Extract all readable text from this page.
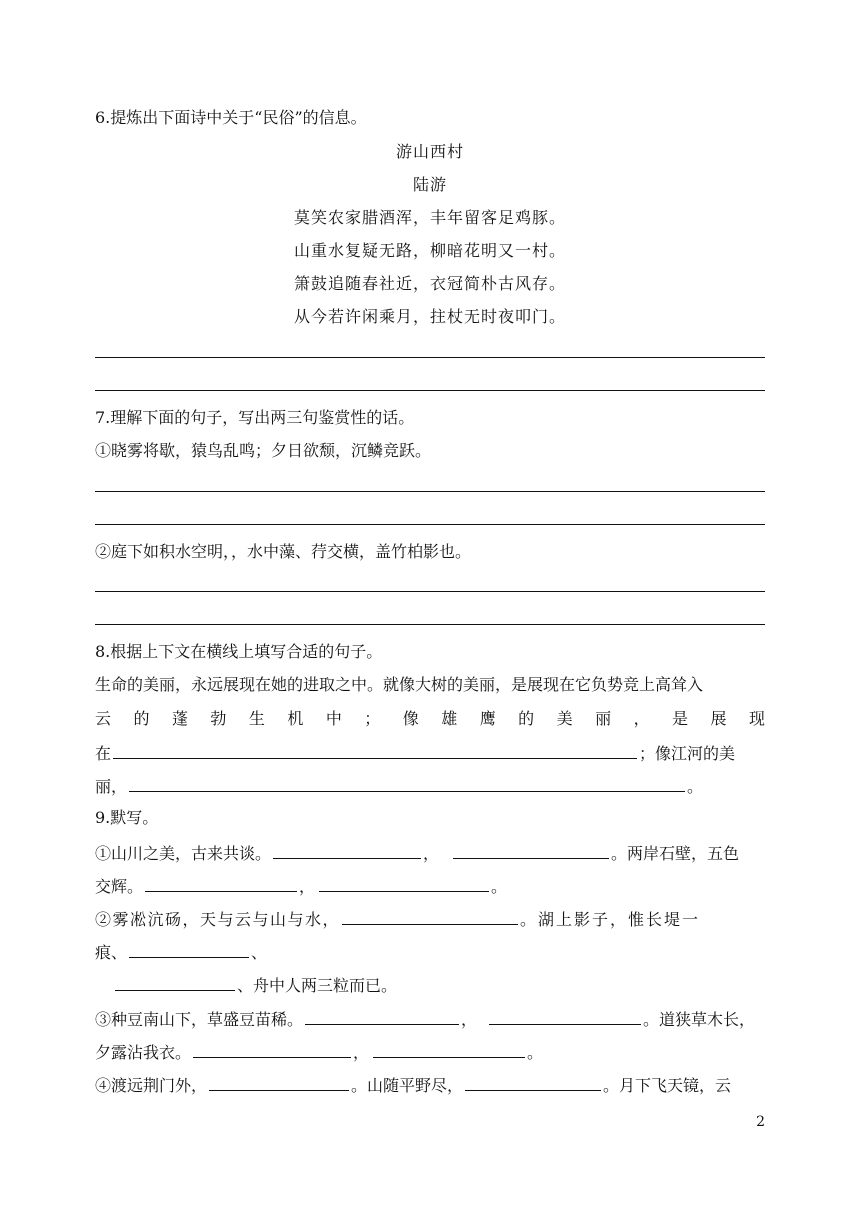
6.提炼出下面诗中关于“民俗”的信息。
游山西村
陆游
莫笑农家腊酒浑，丰年留客足鸡豚。
山重水复疑无路，柳暗花明又一村。
箫鼓追随春社近，衣冠简朴古风存。
从今若许闲乘月，拄杖无时夜叩门。
7.理解下面的句子，写出两三句鉴赏性的话。
①晓雾将歇，猿鸟乱鸣；夕日欲颓，沉鳞竞跃。
②庭下如积水空明，，水中藻、荇交横，盖竹柏影也。
8.根据上下文在横线上填写合适的句子。
生命的美丽，永远展现在她的进取之中。就像大树的美丽，是展现在它负势竞上高耸入
云 的 蓬 勃 生 机 中 ； 像 雄 鹰 的 美 丽 ， 是 展 现
在	；像江河的美
丽，	。
9.默写。
①山川之美，古来共谈。	，	。两岸石壁，五色
交辉。	，	。
②雾凇沆砀，天与云与山与水，	。湖上影子，惟长堤一
痕、	、
、舟中人两三粒而已。
③种豆南山下，草盛豆苗稀。	，	。道狭草木长，
夕露沾我衣。	，	。
④渡远荆门外，	。山随平野尽，	。月下飞天镜，云
2
